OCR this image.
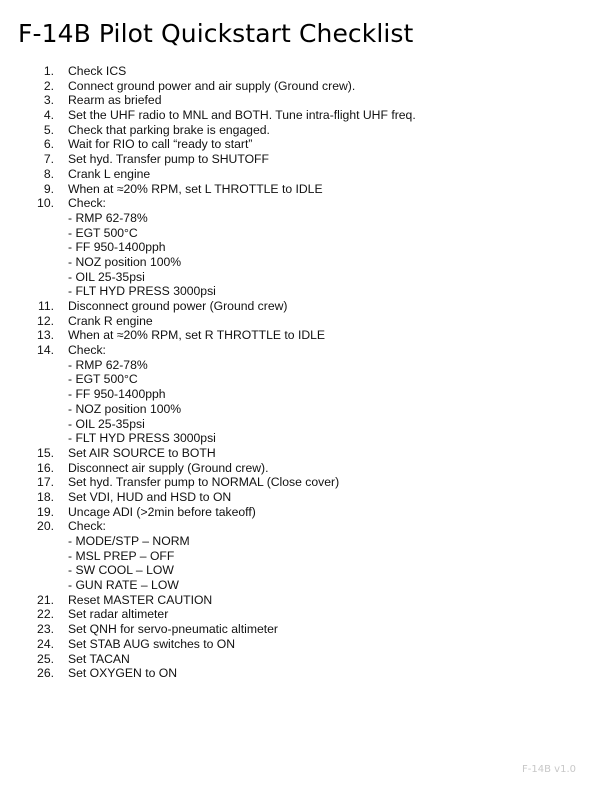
F-14B Pilot Quickstart Checklist
1. Check ICS
2. Connect ground power and air supply (Ground crew).
3. Rearm as briefed
4. Set the UHF radio to MNL and BOTH. Tune intra-flight UHF freq.
5. Check that parking brake is engaged.
6. Wait for RIO to call “ready to start”
7. Set hyd. Transfer pump to SHUTOFF
8. Crank L engine
9. When at ≈20% RPM, set L THROTTLE to IDLE
10. Check:
- RMP 62-78%
- EGT 500°C
- FF 950-1400pph
- NOZ position 100%
- OIL 25-35psi
- FLT HYD PRESS 3000psi
11. Disconnect ground power (Ground crew)
12. Crank R engine
13. When at ≈20% RPM, set R THROTTLE to IDLE
14. Check:
- RMP 62-78%
- EGT 500°C
- FF 950-1400pph
- NOZ position 100%
- OIL 25-35psi
- FLT HYD PRESS 3000psi
15. Set AIR SOURCE to BOTH
16. Disconnect air supply (Ground crew).
17. Set hyd. Transfer pump to NORMAL (Close cover)
18. Set VDI, HUD and HSD to ON
19. Uncage ADI (>2min before takeoff)
20. Check:
- MODE/STP – NORM
- MSL PREP – OFF
- SW COOL – LOW
- GUN RATE – LOW
21. Reset MASTER CAUTION
22. Set radar altimeter
23. Set QNH for servo-pneumatic altimeter
24. Set STAB AUG switches to ON
25. Set TACAN
26. Set OXYGEN to ON
F-14B v1.0
